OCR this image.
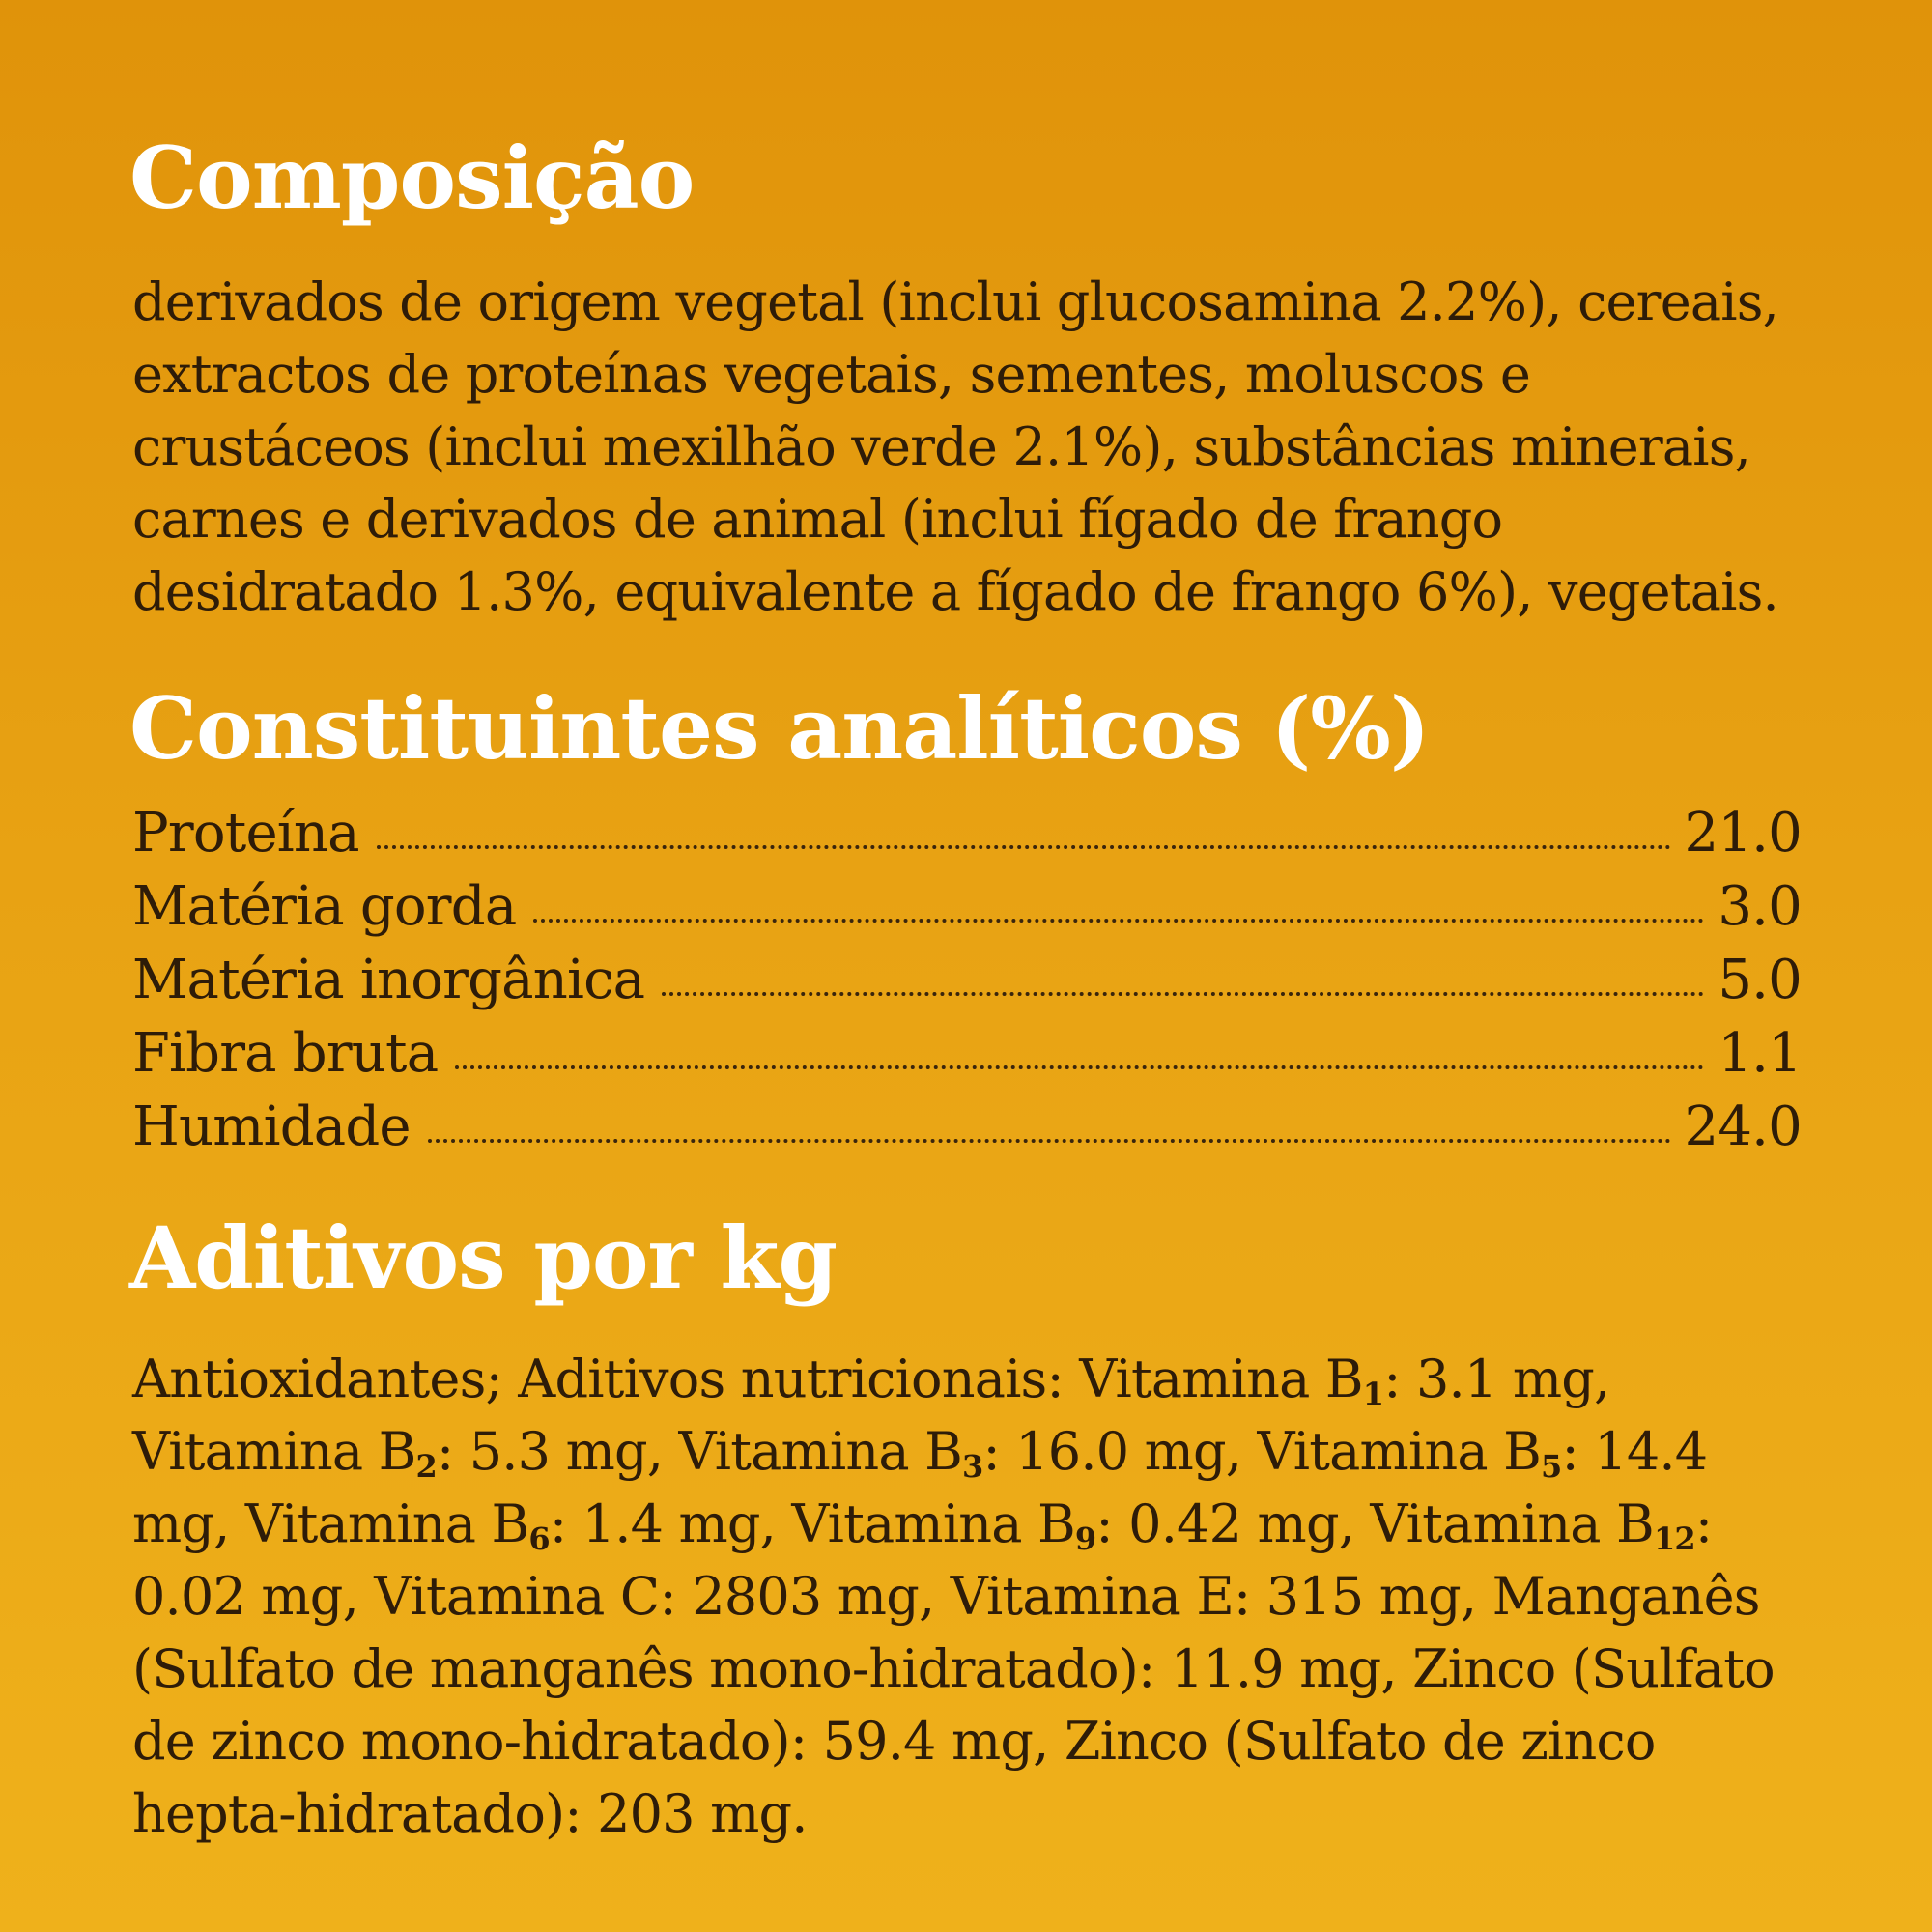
Composição

derivados de origem vegetal (inclui glucosamina 2.2%), cereais, extractos de proteínas vegetais, sementes, moluscos e crustáceos (inclui mexilhão verde 2.1%), substâncias minerais, carnes e derivados de animal (inclui fígado de frango desidratado 1.3%, equivalente a fígado de frango 6%), vegetais.

Constituintes analíticos (%)
Proteína	21.0
Matéria gorda	3.0
Matéria inorgânica	5.0
Fibra bruta	1.1
Humidade	24.0
Aditivos por kg

Antioxidantes; Aditivos nutricionais: Vitamina $B_1$: 3.1 mg, Vitamina $B_2$: 5.3 mg, Vitamina $B_3$: 16.0 mg, Vitamina $B_5$: 14.4 mg, Vitamina $B_6$: 1.4 mg, Vitamina $B_9$: 0.42 mg, Vitamina $B_{12}$: 0.02 mg, Vitamina C: 2803 mg, Vitamina E: 315 mg, Manganês (Sulfato de manganês mono-hidratado): 11.9 mg, Zinco (Sulfato de zinco mono-hidratado): 59.4 mg, Zinco (Sulfato de zinco hepta-hidratado): 203 mg.
